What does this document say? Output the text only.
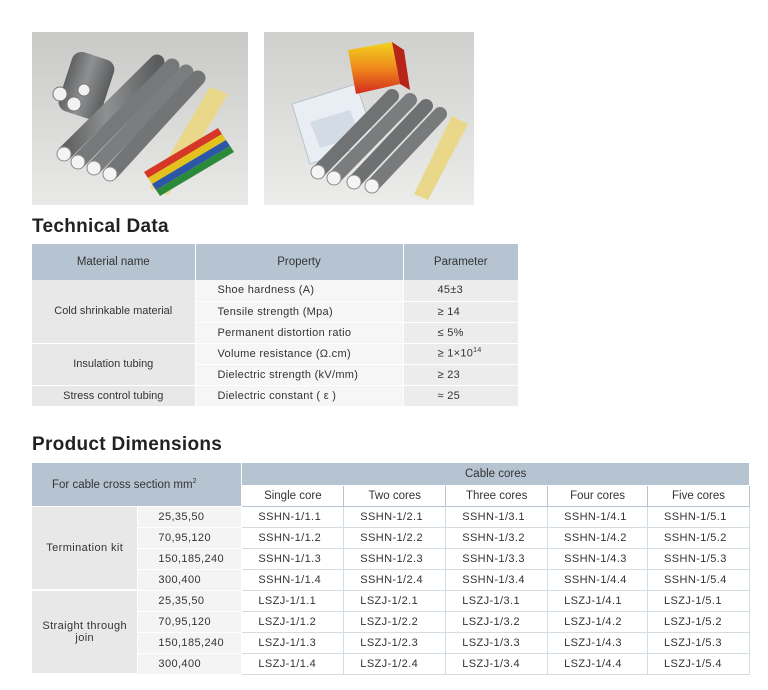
Technical Data
Material name	Property	Parameter
Cold shrinkable material	Shoe hardness (A)	45±3
	Tensile strength (Mpa)	≥ 14
	Permanent distortion ratio	≤ 5%
Insulation tubing	Volume resistance (Ω.cm)	≥ $1\times 10^{14}$
	Dielectric strength (kV/mm)	≥ 23
Stress control tubing	Dielectric constant ( ε )	≈ 25
Product Dimensions
For cable cross section $mm^2$		Cable cores				
		Single core	Two cores	Three cores	Four cores	Five cores
Termination kit	25,35,50	SSHN-1/1.1	SSHN-1/2.1	SSHN-1/3.1	SSHN-1/4.1	SSHN-1/5.1
	70,95,120	SSHN-1/1.2	SSHN-1/2.2	SSHN-1/3.2	SSHN-1/4.2	SSHN-1/5.2
	150,185,240	SSHN-1/1.3	SSHN-1/2.3	SSHN-1/3.3	SSHN-1/4.3	SSHN-1/5.3
	300,400	SSHN-1/1.4	SSHN-1/2.4	SSHN-1/3.4	SSHN-1/4.4	SSHN-1/5.4
Straight through join	25,35,50	LSZJ-1/1.1	LSZJ-1/2.1	LSZJ-1/3.1	LSZJ-1/4.1	LSZJ-1/5.1
	70,95,120	LSZJ-1/1.2	LSZJ-1/2.2	LSZJ-1/3.2	LSZJ-1/4.2	LSZJ-1/5.2
	150,185,240	LSZJ-1/1.3	LSZJ-1/2.3	LSZJ-1/3.3	LSZJ-1/4.3	LSZJ-1/5.3
	300,400	LSZJ-1/1.4	LSZJ-1/2.4	LSZJ-1/3.4	LSZJ-1/4.4	LSZJ-1/5.4
